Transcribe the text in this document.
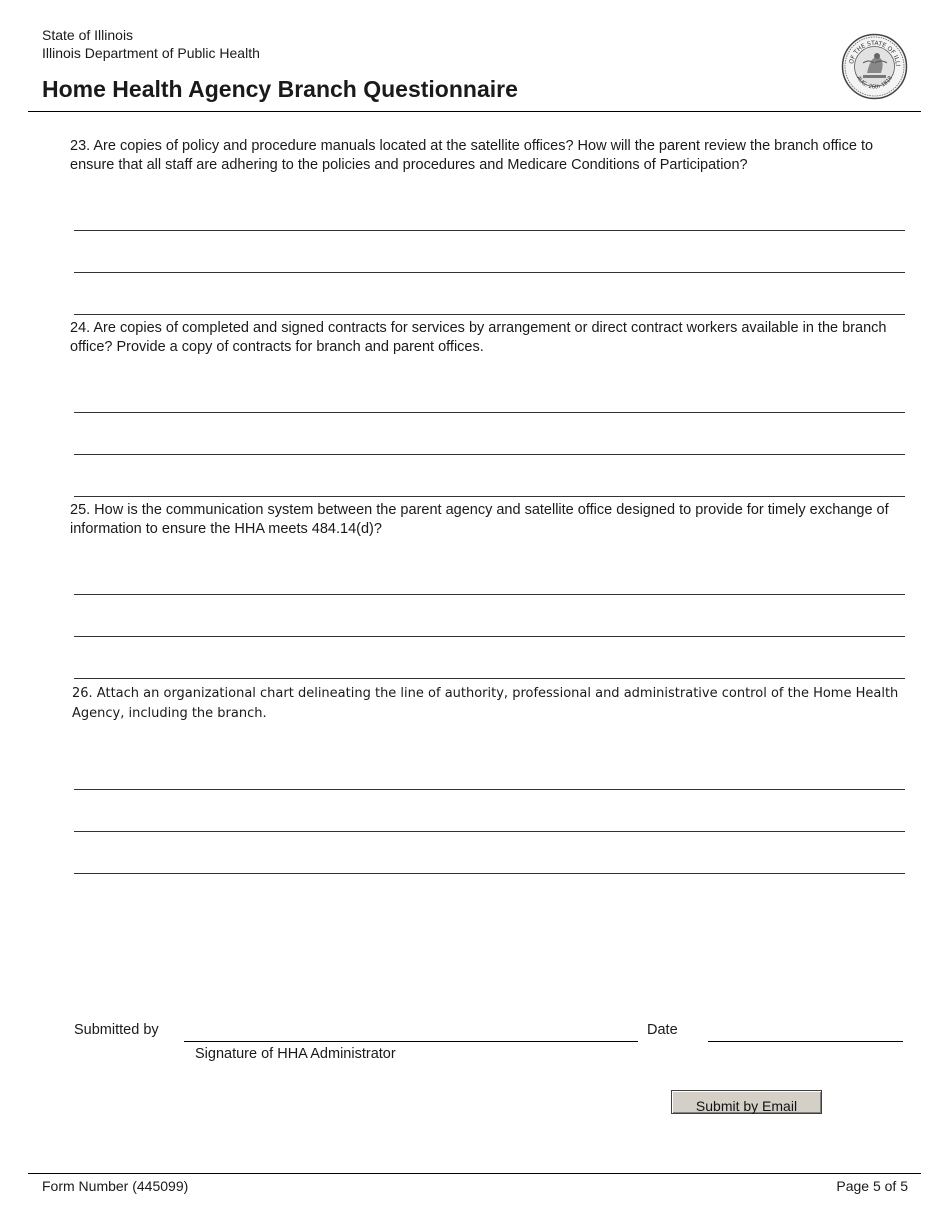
State of Illinois
Illinois Department of Public Health
Home Health Agency Branch Questionnaire
OF THE STATE OF ILLI
AUG. 26th 1818
23. Are copies of policy and procedure manuals located at the satellite offices? How will the parent review the branch office to ensure that all staff are adhering to the policies and procedures and Medicare Conditions of Participation?
24. Are copies of completed and signed contracts for services by arrangement or direct contract workers available in the branch office? Provide a copy of contracts for branch and parent offices.
25. How is the communication system between the parent agency and satellite office designed to provide for timely exchange of information to ensure the HHA meets 484.14(d)?
26. Attach an organizational chart delineating the line of authority, professional and administrative control of the Home Health Agency, including the branch.
Submitted by
Signature of HHA Administrator
Date
Submit by Email
Form Number (445099)	Page 5 of 5
